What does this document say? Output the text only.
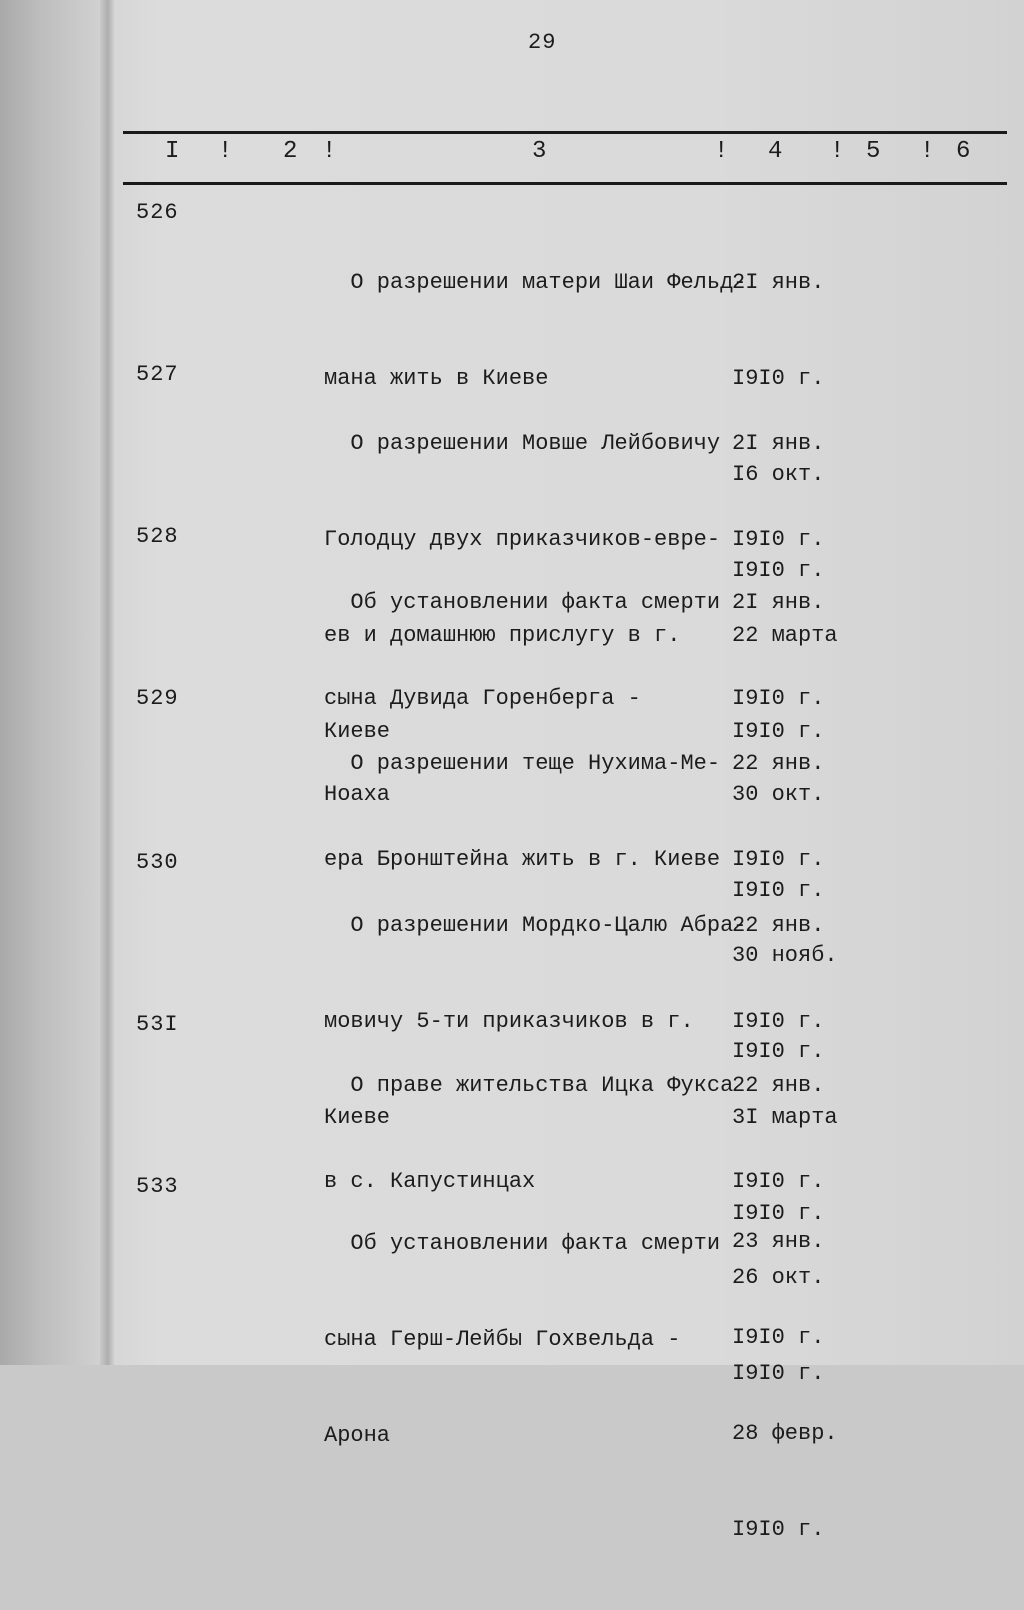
29
I ! 2 !	3	! 4 ! 5 ! 6
526

О разрешении матери Шаи Фельд-

мана жить в Киеве

2I янв.

I9I0 г.

I6 окт.

I9I0 г.

527

О разрешении Мовше Лейбовичу

Голодцу двух приказчиков-евре-

ев и домашнюю прислугу в г.

Киеве

2I янв.

I9I0 г.

22 марта

I9I0 г.

528

Об установлении факта смерти

сына Дувида Горенберга -

Ноаха

2I янв.

I9I0 г.

30 окт.

I9I0 г.

529

О разрешении теще Нухима-Ме-

ера Бронштейна жить в г. Киеве

22 янв.

I9I0 г.

30 нояб.

I9I0 г.

530

О разрешении Мордко-Цалю Абра-

мовичу 5-ти приказчиков в г.

Киеве

22 янв.

I9I0 г.

3I марта

I9I0 г.

53I

О праве жительства Ицка Фукса

в с. Капустинцах

22 янв.

I9I0 г.

26 окт.

I9I0 г.

533

Об установлении факта смерти

сына Герш-Лейбы Гохвельда -

Арона

23 янв.

I9I0 г.

28 февр.

I9I0 г.
